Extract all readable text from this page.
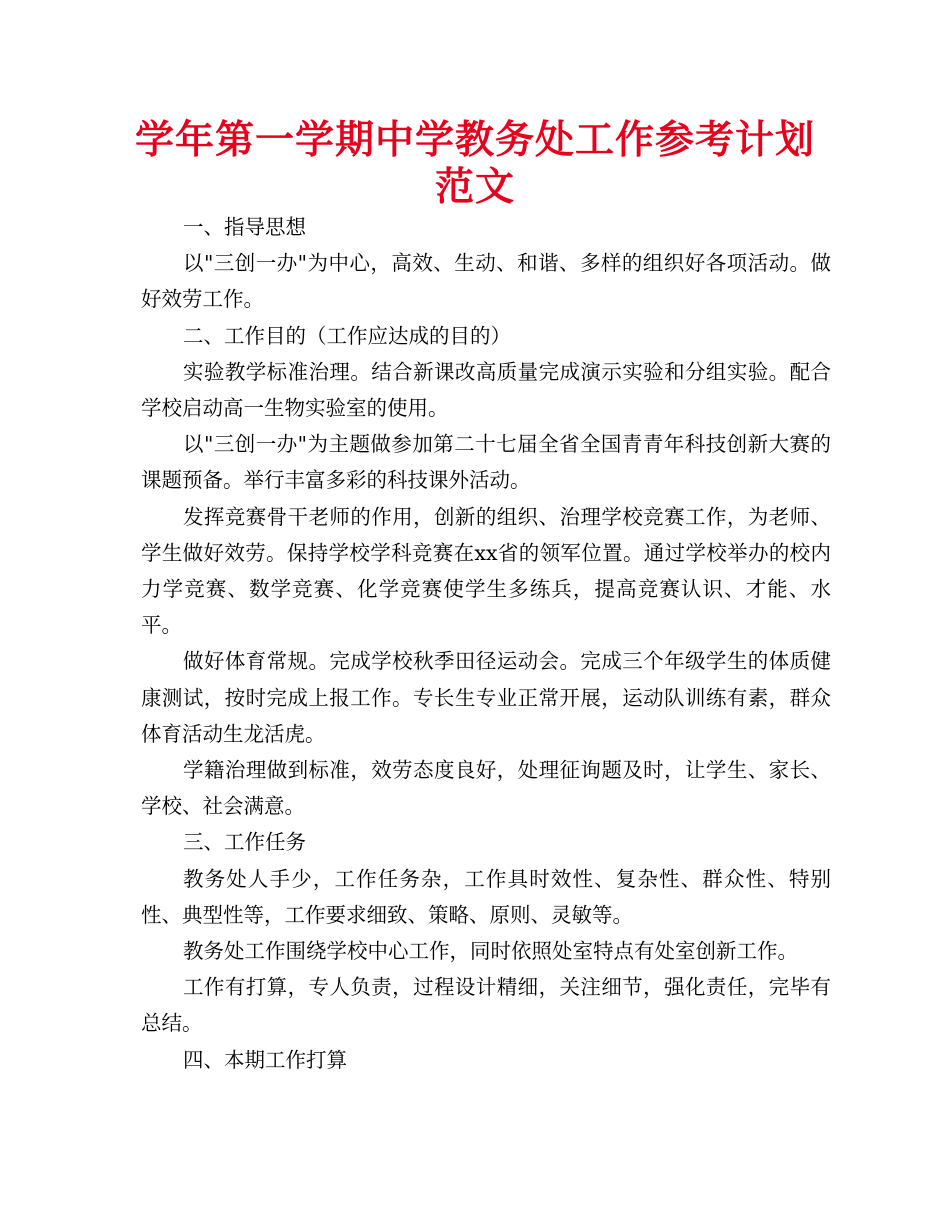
学年第一学期中学教务处工作参考计划范文

一、指导思想

以"三创一办"为中心，高效、生动、和谐、多样的组织好各项活动。做好效劳工作。

二、工作目的（工作应达成的目的）

实验教学标准治理。结合新课改高质量完成演示实验和分组实验。配合学校启动高一生物实验室的使用。

以"三创一办"为主题做参加第二十七届全省全国青青年科技创新大赛的课题预备。举行丰富多彩的科技课外活动。

发挥竞赛骨干老师的作用，创新的组织、治理学校竞赛工作，为老师、学生做好效劳。保持学校学科竞赛在xx省的领军位置。通过学校举办的校内力学竞赛、数学竞赛、化学竞赛使学生多练兵，提高竞赛认识、才能、水平。

做好体育常规。完成学校秋季田径运动会。完成三个年级学生的体质健康测试，按时完成上报工作。专长生专业正常开展，运动队训练有素，群众体育活动生龙活虎。

学籍治理做到标准，效劳态度良好，处理征询题及时，让学生、家长、学校、社会满意。

三、工作任务

教务处人手少，工作任务杂，工作具时效性、复杂性、群众性、特别性、典型性等，工作要求细致、策略、原则、灵敏等。

教务处工作围绕学校中心工作，同时依照处室特点有处室创新工作。

工作有打算，专人负责，过程设计精细，关注细节，强化责任，完毕有总结。

四、本期工作打算
